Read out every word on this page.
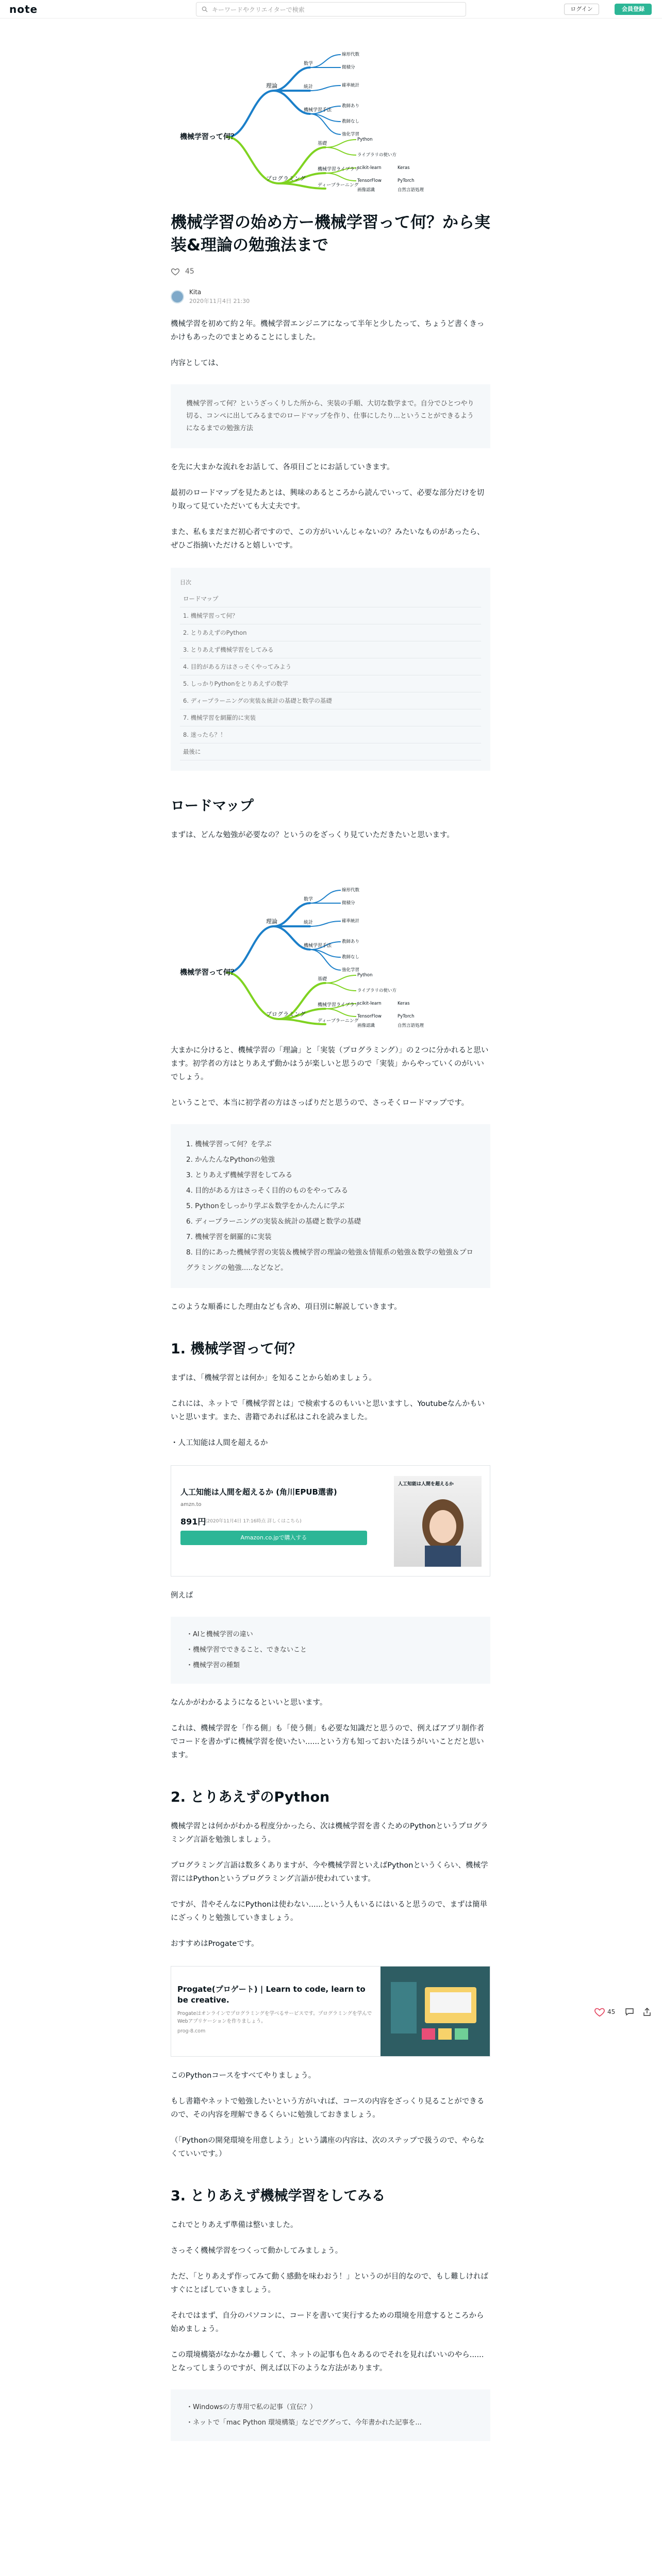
note	キーワードやクリエイターで検索	ログイン	会員登録
機械学習って何？
理論
プログラミング
数学
統計
機械学習手法
線形代数
微積分
確率統計
教師あり
教師なし
強化学習
基礎
機械学習ライブラリ
ディープラーニング
Python
ライブラリの使い方
scikit-learn
TensorFlow
Keras
PyTorch
画像認識	自然言語処理
機械学習の始め方ー機械学習って何？から実装&理論の勉強法まで
45
Kita
2020年11月4日 21:30

機械学習を初めて約２年。機械学習エンジニアになって半年と少したって、ちょうど書くきっかけもあったのでまとめることにしました。

内容としては、

機械学習って何？というざっくりした所から、実装の手順、大切な数学まで。自分でひとつやり切る、コンペに出してみるまでのロードマップを作り、仕事にしたり...ということができるようになるまでの勉強方法

を先に大まかな流れをお話して、各項目ごとにお話していきます。

最初のロードマップを見たあとは、興味のあるところから読んでいって、必要な部分だけを切り取って見ていただいても大丈夫です。

また、私もまだまだ初心者ですので、この方がいいんじゃないの？みたいなものがあったら、ぜひご指摘いただけると嬉しいです。

目次
ロードマップ
1. 機械学習って何？
2. とりあえずのPython
3. とりあえず機械学習をしてみる
4. 目的がある方はさっそくやってみよう
5. しっかりPythonをとりあえずの数学
6. ディープラーニングの実装＆統計の基礎と数学の基礎
7. 機械学習を網羅的に実装
8. 迷ったら？！
最後に
ロードマップ

まずは、どんな勉強が必要なの？というのをざっくり見ていただきたいと思います。

機械学習って何？
理論
プログラミング
数学
統計
機械学習手法
線形代数
微積分
確率統計
教師あり
教師なし
強化学習
基礎
機械学習ライブラリ
ディープラーニング
Python
ライブラリの使い方
scikit-learn
TensorFlow
Keras
PyTorch
画像認識	自然言語処理

大まかに分けると、機械学習の「理論」と「実装（プログラミング）」の２つに分かれると思います。初学者の方はとりあえず動かはうが楽しいと思うので「実装」からやっていくのがいいでしょう。

ということで、本当に初学者の方はさっぱりだと思うので、さっそくロードマップです。

1. 機械学習って何？を学ぶ
2. かんたんなPythonの勉強
3. とりあえず機械学習をしてみる
4. 目的がある方はさっそく目的のものをやってみる
5. Pythonをしっかり学ぶ＆数学をかんたんに学ぶ
6. ディープラーニングの実装＆統計の基礎と数学の基礎
7. 機械学習を網羅的に実装
8. 目的にあった機械学習の実装＆機械学習の理論の勉強＆情報系の勉強＆数学の勉強＆プログラミングの勉強.....などなど。

このような順番にした理由なども含め、項目別に解説していきます。

1. 機械学習って何？

まずは、「機械学習とは何か」を知ることから始めましょう。

これには、ネットで「機械学習とは」で検索するのもいいと思いますし、Youtubeなんかもいいと思います。また、書籍であれば私はこれを読みました。

・人工知能は人間を超えるか

人工知能は人間を超えるか (角川EPUB選書)
amzn.to
891円
(2020年11月4日 17:16時点 詳しくはこちら)
Amazon.co.jpで購入する
人工知能は人間を超えるか

例えば

・AIと機械学習の違い
・機械学習でできること、できないこと
・機械学習の種類

なんかがわかるようになるといいと思います。

これは、機械学習を「作る側」も「使う側」も必要な知識だと思うので、例えばアプリ制作者でコードを書かずに機械学習を使いたい......という方も知っておいたほうがいいことだと思います。

2. とりあえずのPython

機械学習とは何かがわかる程度分かったら、次は機械学習を書くためのPythonというプログラミング言語を勉強しましょう。

プログラミング言語は数多くありますが、今や機械学習といえばPythonというくらい、機械学習にはPythonというプログラミング言語が使われています。

ですが、昔やそんなにPythonは使わない......という人もいるにはいると思うので、まずは簡単にざっくりと勉強していきましょう。

おすすめはProgateです。

Progate(プロゲート) | Learn to code, learn to be creative.
Progateはオンラインでプログラミングを学べるサービスです。プログラミングを学んでWebアプリケーションを作りましょう。
prog-8.com

このPythonコースをすべてやりましょう。

もし書籍やネットで勉強したいという方がいれば、コースの内容をざっくり見ることができるので、その内容を理解できるくらいに勉強しておきましょう。

（「Pythonの開発環境を用意しよう」という講座の内容は、次のステップで扱うので、やらなくていいです。）

3. とりあえず機械学習をしてみる

これでとりあえず準備は整いました。

さっそく機械学習をつくって動かしてみましょう。

ただ、「とりあえず作ってみて動く感動を味わおう！」というのが目的なので、もし難しければすぐにとばしていきましょう。

それではまず、自分のパソコンに、コードを書いて実行するための環境を用意するところから始めましょう。

この環境構築がなかなか難しくて、ネットの記事も色々あるのでそれを見ればいいのやら......となってしまうのですが、例えば以下のような方法があります。

・Windowsの方専用で私の記事（宣伝？）
・ネットで「mac Python 環境構築」などでググって、今年書かれた記事を...
45
